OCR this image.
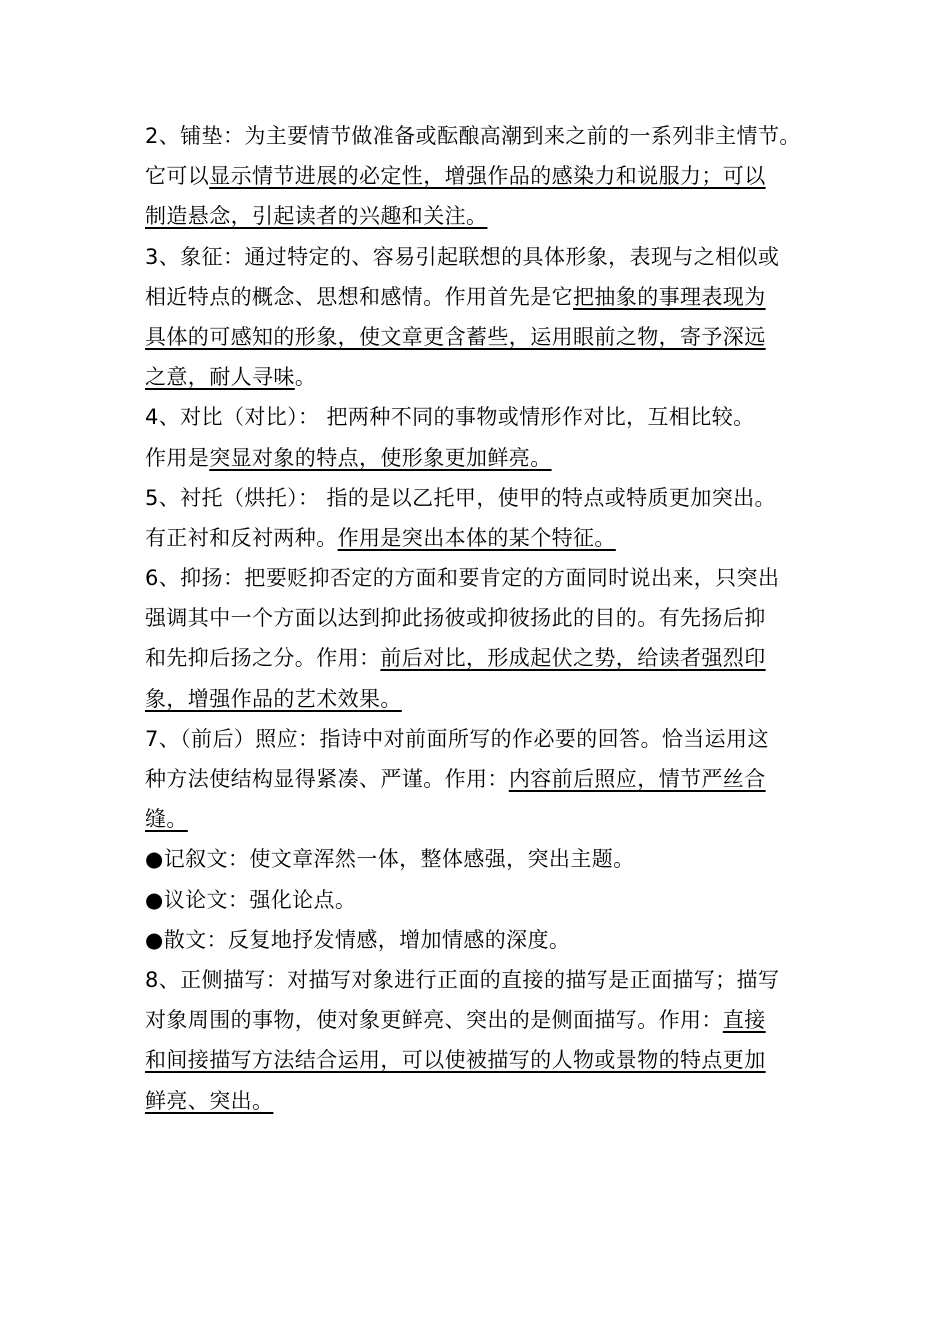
2、铺垫：为主要情节做准备或酝酿高潮到来之前的一系列非主情节。
它可以显示情节进展的必定性，增强作品的感染力和说服力；可以
制造悬念，引起读者的兴趣和关注。
3、象征：通过特定的、容易引起联想的具体形象，表现与之相似或
相近特点的概念、思想和感情。作用首先是它把抽象的事理表现为
具体的可感知的形象，使文章更含蓄些，运用眼前之物，寄予深远
之意，耐人寻味。
4、对比（对比）： 把两种不同的事物或情形作对比，互相比较。
作用是突显对象的特点，使形象更加鲜亮。
5、衬托（烘托）： 指的是以乙托甲，使甲的特点或特质更加突出。
有正衬和反衬两种。作用是突出本体的某个特征。
6、抑扬：把要贬抑否定的方面和要肯定的方面同时说出来，只突出
强调其中一个方面以达到抑此扬彼或抑彼扬此的目的。有先扬后抑
和先抑后扬之分。作用：前后对比，形成起伏之势，给读者强烈印
象，增强作品的艺术效果。
7、（前后）照应：指诗中对前面所写的作必要的回答。恰当运用这
种方法使结构显得紧凑、严谨。作用：内容前后照应，情节严丝合
缝。
●记叙文：使文章浑然一体，整体感强，突出主题。
●议论文：强化论点。
●散文：反复地抒发情感，增加情感的深度。
8、正侧描写：对描写对象进行正面的直接的描写是正面描写；描写
对象周围的事物，使对象更鲜亮、突出的是侧面描写。作用：直接
和间接描写方法结合运用，可以使被描写的人物或景物的特点更加
鲜亮、突出。
